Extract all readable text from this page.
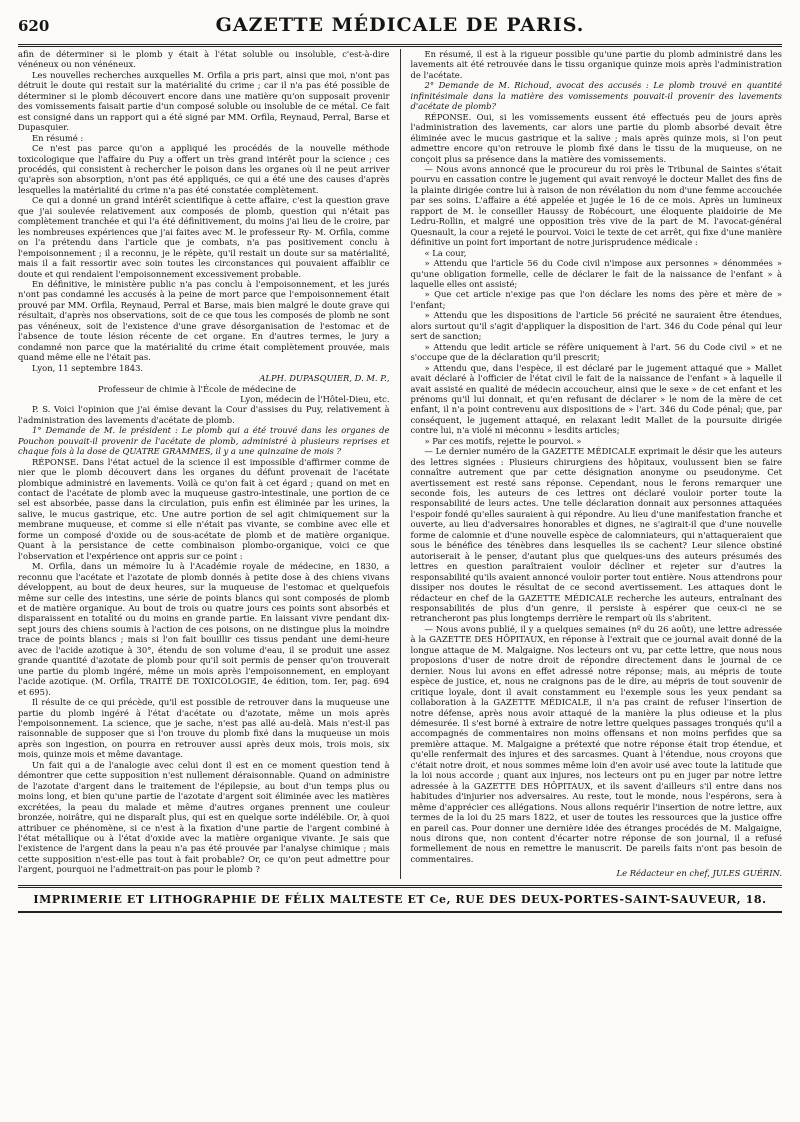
620	GAZETTE MÉDICALE DE PARIS.

afin de déterminer si le plomb y était à l'état soluble ou insoluble, c'est-à-dire vénéneux ou non vénéneux.

Les nouvelles recherches auxquelles M. Orfila a pris part, ainsi que moi, n'ont pas détruit le doute qui restait sur la matérialité du crime ; car il n'a pas été possible de déterminer si le plomb découvert encore dans une matière qu'on supposait provenir des vomissements faisait partie d'un composé soluble ou insoluble de ce métal. Ce fait est consigné dans un rapport qui a été signé par MM. Orfila, Reynaud, Perral, Barse et Dupasquier.

En résumé :

Ce n'est pas parce qu'on a appliqué les procédés de la nouvelle méthode toxicologique que l'affaire du Puy a offert un très grand intérêt pour la science ; ces procédés, qui consistent à rechercher le poison dans les organes où il ne peut arriver qu'après son absorption, n'ont pas été appliqués, ce qui a été une des causes d'après lesquelles la matérialité du crime n'a pas été constatée complètement.

Ce qui a donné un grand intérêt scientifique à cette affaire, c'est la question grave que j'ai soulevée relativement aux composés de plomb, question qui n'était pas complètement tranchée et qui l'a été définitivement, du moins j'ai lieu de le croire, par les nombreuses expériences que j'ai faites avec M. le professeur Ry- M. Orfila, comme on l'a prétendu dans l'article que je combats, n'a pas positivement conclu à l'empoisonnement ; il a reconnu, je le répète, qu'il restait un doute sur sa matérialité, mais il a fait ressortir avec soin toutes les circonstances qui pouvaient affaiblir ce doute et qui rendaient l'empoisonnement excessivement probable.

En définitive, le ministère public n'a pas conclu à l'empoisonnement, et les jurés n'ont pas condamné les accusés à la peine de mort parce que l'empoisonnement était prouvé par MM. Orfila, Reynaud, Perral et Barse, mais bien malgré le doute grave qui résultait, d'après nos observations, soit de ce que tous les composés de plomb ne sont pas vénéneux, soit de l'existence d'une grave désorganisation de l'estomac et de l'absence de toute lésion récente de cet organe. En d'autres termes, le jury a condamné non parce que la matérialité du crime était complètement prouvée, mais quand même elle ne l'était pas.

Lyon, 11 septembre 1843.

ALPH. DUPASQUIER, D. M. P.,

Professeur de chimie à l'École de médecine de

Lyon, médecin de l'Hôtel-Dieu, etc.

P. S. Voici l'opinion que j'ai émise devant la Cour d'assises du Puy, relativement à l'administration des lavements d'acétate de plomb.

1° Demande de M. le président : Le plomb qui a été trouvé dans les organes de Pouchon pouvait-il provenir de l'acétate de plomb, administré à plusieurs reprises et chaque fois à la dose de QUATRE GRAMMES, il y a une quinzaine de mois ?

RÉPONSE. Dans l'état actuel de la science il est impossible d'affirmer comme de nier que le plomb découvert dans les organes du défunt provenait de l'acétate plombique administré en lavements. Voilà ce qu'on fait à cet égard ; quand on met en contact de l'acétate de plomb avec la muqueuse gastro-intestinale, une portion de ce sel est absorbée, passe dans la circulation, puis enfin est éliminée par les urines, la salive, le mucus gastrique, etc. Une autre portion de sel agit chimiquement sur la membrane muqueuse, et comme si elle n'était pas vivante, se combine avec elle et forme un composé d'oxide ou de sous-acétate de plomb et de matière organique. Quant à la persistance de cette combinaison plombo-organique, voici ce que l'observation et l'expérience ont appris sur ce point :

M. Orfila, dans un mémoire lu à l'Académie royale de médecine, en 1830, a reconnu que l'acétate et l'azotate de plomb donnés à petite dose à des chiens vivans développent, au bout de deux heures, sur la muqueuse de l'estomac et quelquefois même sur celle des intestins, une série de points blancs qui sont composés de plomb et de matière organique. Au bout de trois ou quatre jours ces points sont absorbés et disparaissent en totalité ou du moins en grande partie. En laissant vivre pendant dix-sept jours des chiens soumis à l'action de ces poisons, on ne distingue plus la moindre trace de points blancs ; mais si l'on fait bouillir ces tissus pendant une demi-heure avec de l'acide azotique à 30°, étendu de son volume d'eau, il se produit une assez grande quantité d'azotate de plomb pour qu'il soit permis de penser qu'on trouverait une partie du plomb ingéré, même un mois après l'empoisonnement, en employant l'acide azotique. (M. Orfila, TRAITÉ DE TOXICOLOGIE, 4e édition, tom. Ier, pag. 694 et 695).

Il résulte de ce qui précède, qu'il est possible de retrouver dans la muqueuse une partie du plomb ingéré à l'état d'acétate ou d'azotate, même un mois après l'empoisonnement. La science, que je sache, n'est pas allé au-delà. Mais n'est-il pas raisonnable de supposer que si l'on trouve du plomb fixé dans la muqueuse un mois après son ingestion, on pourra en retrouver aussi après deux mois, trois mois, six mois, quinze mois et même davantage.

Un fait qui a de l'analogie avec celui dont il est en ce moment question tend à démontrer que cette supposition n'est nullement déraisonnable. Quand on administre de l'azotate d'argent dans le traitement de l'épilepsie, au bout d'un temps plus ou moins long, et bien qu'une partie de l'azotate d'argent soit éliminée avec les matières excrétées, la peau du malade et même d'autres organes prennent une couleur bronzée, noirâtre, qui ne disparaît plus, qui est en quelque sorte indélébile. Or, à quoi attribuer ce phénomène, si ce n'est à la fixation d'une partie de l'argent combiné à l'état métallique ou à l'état d'oxide avec la matière organique vivante. Je sais que l'existence de l'argent dans la peau n'a pas été prouvée par l'analyse chimique ; mais cette supposition n'est-elle pas tout à fait probable? Or, ce qu'on peut admettre pour l'argent, pourquoi ne l'admettrait-on pas pour le plomb ?

En résumé, il est à la rigueur possible qu'une partie du plomb administré dans les lavements ait été retrouvée dans le tissu organique quinze mois après l'administration de l'acétate.

2° Demande de M. Richoud, avocat des accusés : Le plomb trouvé en quantité infinitésimale dans la matière des vomissements pouvait-il provenir des lavements d'acétate de plomb?

RÉPONSE. Oui, si les vomissements eussent été effectués peu de jours après l'administration des lavements, car alors une partie du plomb absorbé devait être éliminée avec le mucus gastrique et la salive ; mais après quinze mois, si l'on peut admettre encore qu'on retrouve le plomb fixé dans le tissu de la muqueuse, on ne conçoit plus sa présence dans la matière des vomissements.

— Nous avons annoncé que le procureur du roi près le Tribunal de Saintes s'était pourvu en cassation contre le jugement qui avait renvoyé le docteur Mallet des fins de la plainte dirigée contre lui à raison de non révélation du nom d'une femme accouchée par ses soins. L'affaire a été appelée et jugée le 16 de ce mois. Après un lumineux rapport de M. le conseiller Haussy de Robécourt, une éloquente plaidoirie de Me Ledru-Rollin, et malgré une opposition très vive de la part de M. l'avocat-général Quesnault, la cour a rejeté le pourvoi. Voici le texte de cet arrêt, qui fixe d'une manière définitive un point fort important de notre jurisprudence médicale :

« La cour,

» Attendu que l'article 56 du Code civil n'impose aux personnes » dénommées » qu'une obligation formelle, celle de déclarer le fait de la naissance de l'enfant » à laquelle elles ont assisté;

» Que cet article n'exige pas que l'on déclare les noms des père et mère de » l'enfant;

» Attendu que les dispositions de l'article 56 précité ne sauraient être étendues, alors surtout qu'il s'agit d'appliquer la disposition de l'art. 346 du Code pénal qui leur sert de sanction;

» Attendu que ledit article se réfère uniquement à l'art. 56 du Code civil » et ne s'occupe que de la déclaration qu'il prescrit;

» Attendu que, dans l'espèce, il est déclaré par le jugement attaqué que » Mallet avait déclaré à l'officier de l'état civil le fait de la naissance de l'enfant » à laquelle il avait assisté en qualité de médecin accoucheur, ainsi que le sexe » de cet enfant et les prénoms qu'il lui donnait, et qu'en refusant de déclarer » le nom de la mère de cet enfant, il n'a point contrevenu aux dispositions de » l'art. 346 du Code pénal; que, par conséquent, le jugement attaqué, en relaxant ledit Mallet de la poursuite dirigée contre lui, n'a violé ni méconnu » lesdits articles;

» Par ces motifs, rejette le pourvoi. »

— Le dernier numéro de la GAZETTE MÉDICALE exprimait le désir que les auteurs des lettres signées : Plusieurs chirurgiens des hôpitaux, voulussent bien se faire connaître autrement que par cette désignation anonyme ou pseudonyme. Cet avertissement est resté sans réponse. Cependant, nous le ferons remarquer une seconde fois, les auteurs de ces lettres ont déclaré vouloir porter toute la responsabilité de leurs actes. Une telle déclaration donnait aux personnes attaquées l'espoir fondé qu'elles sauraient à qui répondre. Au lieu d'une manifestation franche et ouverte, au lieu d'adversaires honorables et dignes, ne s'agirait-il que d'une nouvelle forme de calomnie et d'une nouvelle espèce de calomniateurs, qui n'attaqueraient que sous le bénéfice des ténèbres dans lesquelles ils se cachent? Leur silence obstiné autoriserait à le penser, d'autant plus que quelques-uns des auteurs présumés des lettres en question paraîtraient vouloir décliner et rejeter sur d'autres la responsabilité qu'ils avaient annoncé vouloir porter tout entière. Nous attendrons pour dissiper nos doutes le résultat de ce second avertissement. Les attaques dont le rédacteur en chef de la GAZETTE MÉDICALE recherche les auteurs, entraînant des responsabilités de plus d'un genre, il persiste à espérer que ceux-ci ne se retrancheront pas plus longtemps derrière le rempart où ils s'abritent.

— Nous avons publié, il y a quelques semaines (nº du 26 août), une lettre adressée à la GAZETTE DES HÔPITAUX, en réponse à l'extrait que ce journal avait donné de la longue attaque de M. Malgaigne. Nos lecteurs ont vu, par cette lettre, que nous nous proposions d'user de notre droit de répondre directement dans le journal de ce dernier. Nous lui avons en effet adressé notre réponse; mais, au mépris de toute espèce de justice, et, nous ne craignons pas de le dire, au mépris de tout souvenir de critique loyale, dont il avait constamment eu l'exemple sous les yeux pendant sa collaboration à la GAZETTE MÉDICALE, il n'a pas craint de refuser l'insertion de notre défense, après nous avoir attaqué de la manière la plus odieuse et la plus démesurée. Il s'est borné à extraire de notre lettre quelques passages tronqués qu'il a accompagnés de commentaires non moins offensans et non moins perfides que sa première attaque. M. Malgaigne a prétexté que notre réponse était trop étendue, et qu'elle renfermait des injures et des sarcasmes. Quant à l'étendue, nous croyons que c'était notre droit, et nous sommes même loin d'en avoir usé avec toute la latitude que la loi nous accorde ; quant aux injures, nos lecteurs ont pu en juger par notre lettre adressée à la GAZETTE DES HÔPITAUX, et ils savent d'ailleurs s'il entre dans nos habitudes d'injurier nos adversaires. Au reste, tout le monde, nous l'espérons, sera à même d'apprécier ces allégations. Nous allons requérir l'insertion de notre lettre, aux termes de la loi du 25 mars 1822, et user de toutes les ressources que la justice offre en pareil cas. Pour donner une dernière idée des étranges procédés de M. Malgaigne, nous dirons que, non content d'écarter notre réponse de son journal, il a refusé formellement de nous en remettre le manuscrit. De pareils faits n'ont pas besoin de commentaires.

Le Rédacteur en chef, JULES GUÉRIN.

IMPRIMERIE ET LITHOGRAPHIE DE FÉLIX MALTESTE ET Ce, RUE DES DEUX-PORTES-SAINT-SAUVEUR, 18.
